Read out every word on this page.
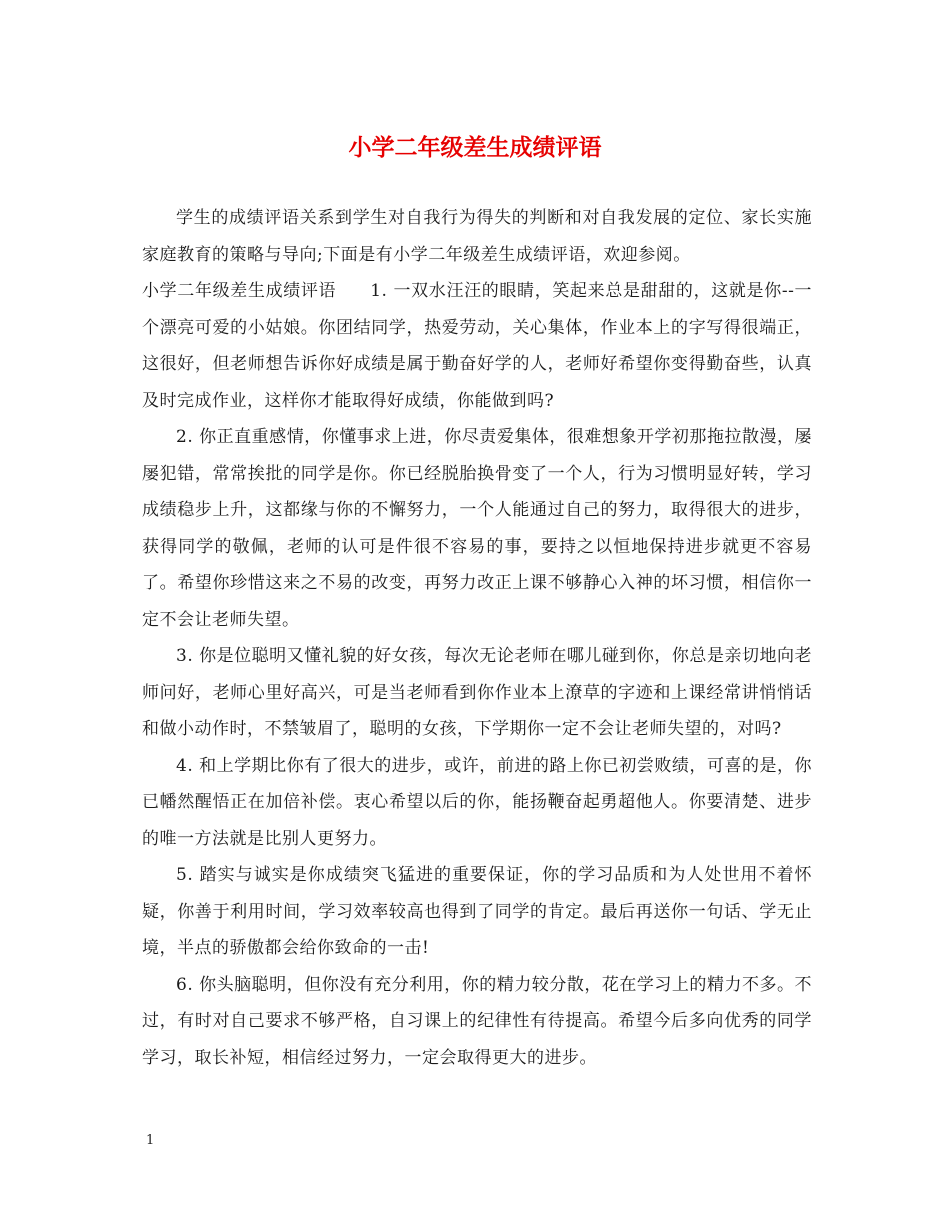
小学二年级差生成绩评语

学生的成绩评语关系到学生对自我行为得失的判断和对自我发展的定位、家长实施家庭教育的策略与导向;下面是有小学二年级差生成绩评语，欢迎参阅。

小学二年级差生成绩评语 1. 一双水汪汪的眼睛，笑起来总是甜甜的，这就是你--一个漂亮可爱的小姑娘。你团结同学，热爱劳动，关心集体，作业本上的字写得很端正，这很好，但老师想告诉你好成绩是属于勤奋好学的人，老师好希望你变得勤奋些，认真及时完成作业，这样你才能取得好成绩，你能做到吗?

2. 你正直重感情，你懂事求上进，你尽责爱集体，很难想象开学初那拖拉散漫，屡屡犯错，常常挨批的同学是你。你已经脱胎换骨变了一个人，行为习惯明显好转，学习成绩稳步上升，这都缘与你的不懈努力，一个人能通过自己的努力，取得很大的进步，获得同学的敬佩，老师的认可是件很不容易的事，要持之以恒地保持进步就更不容易了。希望你珍惜这来之不易的改变，再努力改正上课不够静心入神的坏习惯，相信你一定不会让老师失望。

3. 你是位聪明又懂礼貌的好女孩，每次无论老师在哪儿碰到你，你总是亲切地向老师问好，老师心里好高兴，可是当老师看到你作业本上潦草的字迹和上课经常讲悄悄话和做小动作时，不禁皱眉了，聪明的女孩，下学期你一定不会让老师失望的，对吗?

4. 和上学期比你有了很大的进步，或许，前进的路上你已初尝败绩，可喜的是，你已幡然醒悟正在加倍补偿。衷心希望以后的你，能扬鞭奋起勇超他人。你要清楚、进步的唯一方法就是比别人更努力。

5. 踏实与诚实是你成绩突飞猛进的重要保证，你的学习品质和为人处世用不着怀疑，你善于利用时间，学习效率较高也得到了同学的肯定。最后再送你一句话、学无止境，半点的骄傲都会给你致命的一击!

6. 你头脑聪明，但你没有充分利用，你的精力较分散，花在学习上的精力不多。不过，有时对自己要求不够严格，自习课上的纪律性有待提高。希望今后多向优秀的同学学习，取长补短，相信经过努力，一定会取得更大的进步。

1
